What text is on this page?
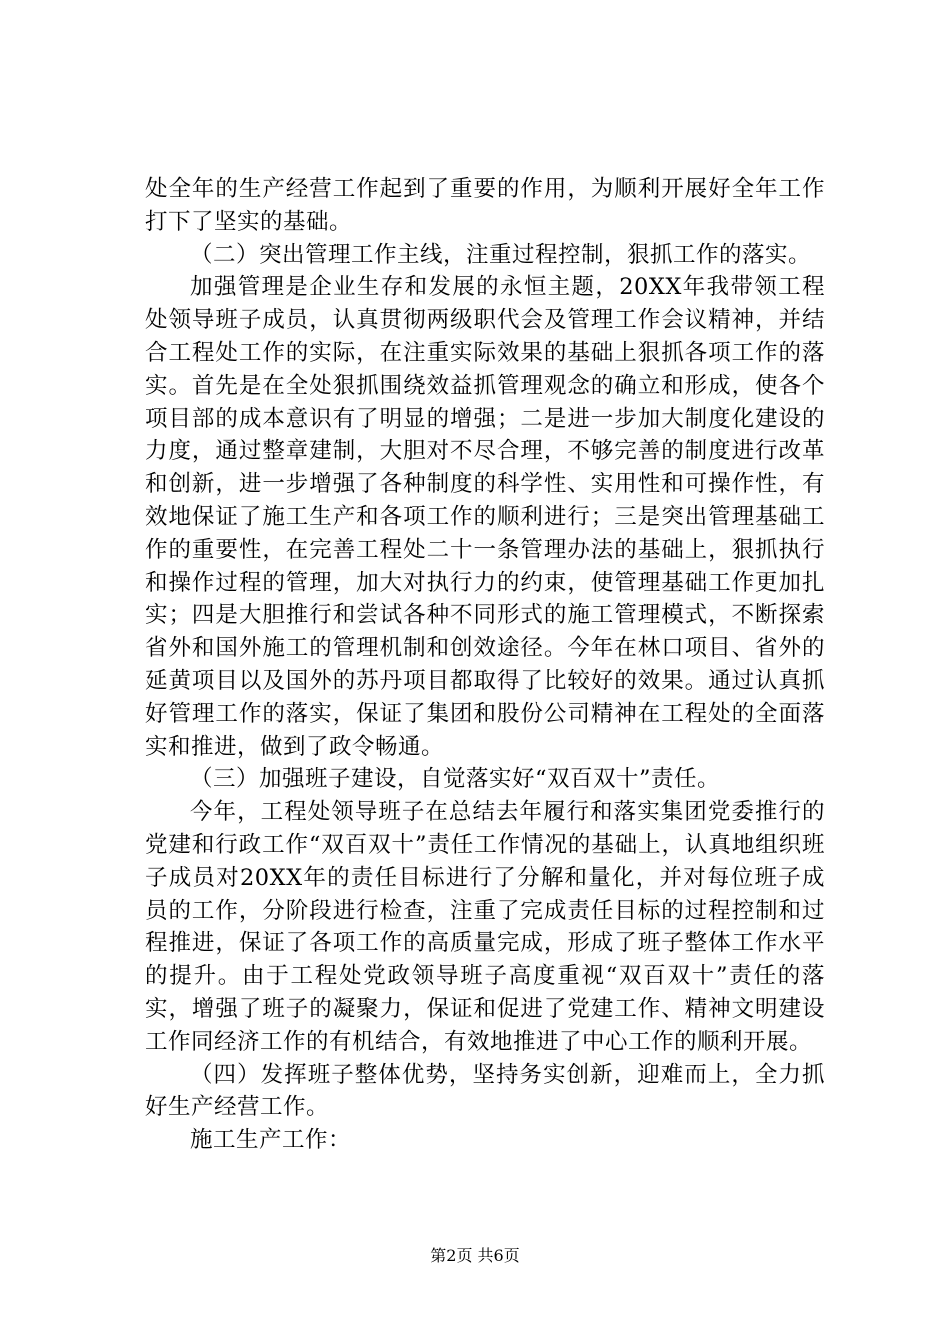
处全年的生产经营工作起到了重要的作用，为顺利开展好全年工作打下了坚实的基础。

（二）突出管理工作主线，注重过程控制，狠抓工作的落实。

加强管理是企业生存和发展的永恒主题，20XX年我带领工程处领导班子成员，认真贯彻两级职代会及管理工作会议精神，并结合工程处工作的实际，在注重实际效果的基础上狠抓各项工作的落实。首先是在全处狠抓围绕效益抓管理观念的确立和形成，使各个项目部的成本意识有了明显的增强；二是进一步加大制度化建设的力度，通过整章建制，大胆对不尽合理，不够完善的制度进行改革和创新，进一步增强了各种制度的科学性、实用性和可操作性，有效地保证了施工生产和各项工作的顺利进行；三是突出管理基础工作的重要性，在完善工程处二十一条管理办法的基础上，狠抓执行和操作过程的管理，加大对执行力的约束，使管理基础工作更加扎实；四是大胆推行和尝试各种不同形式的施工管理模式，不断探索省外和国外施工的管理机制和创效途径。今年在林口项目、省外的延黄项目以及国外的苏丹项目都取得了比较好的效果。通过认真抓好管理工作的落实，保证了集团和股份公司精神在工程处的全面落实和推进，做到了政令畅通。

（三）加强班子建设，自觉落实好“双百双十”责任。

今年，工程处领导班子在总结去年履行和落实集团党委推行的党建和行政工作“双百双十”责任工作情况的基础上，认真地组织班子成员对20XX年的责任目标进行了分解和量化，并对每位班子成员的工作，分阶段进行检查，注重了完成责任目标的过程控制和过程推进，保证了各项工作的高质量完成，形成了班子整体工作水平的提升。由于工程处党政领导班子高度重视“双百双十”责任的落实，增强了班子的凝聚力，保证和促进了党建工作、精神文明建设工作同经济工作的有机结合，有效地推进了中心工作的顺利开展。

（四）发挥班子整体优势，坚持务实创新，迎难而上，全力抓好生产经营工作。

施工生产工作：

第2页 共6页
